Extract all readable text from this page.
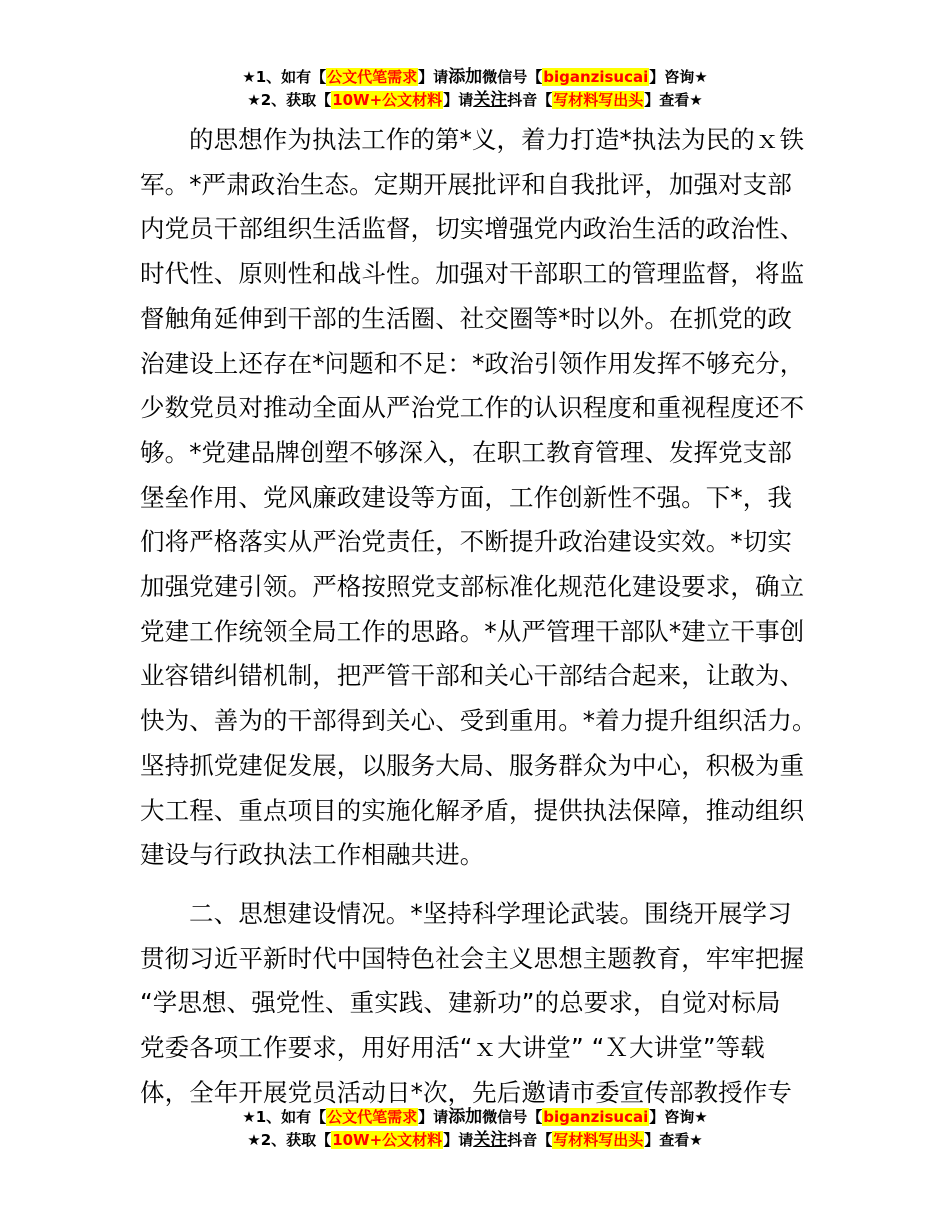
★1、如有【公文代笔需求】请添加微信号【biganzisucai】咨询★
★2、获取【10W+公文材料】请关注抖音【写材料写出头】查看★

的思想作为执法工作的第*义，着力打造*执法为民的ｘ铁

军。*严肃政治生态。定期开展批评和自我批评，加强对支部

内党员干部组织生活监督，切实增强党内政治生活的政治性、

时代性、原则性和战斗性。加强对干部职工的管理监督，将监

督触角延伸到干部的生活圈、社交圈等*时以外。在抓党的政

治建设上还存在*问题和不足：*政治引领作用发挥不够充分，

少数党员对推动全面从严治党工作的认识程度和重视程度还不

够。*党建品牌创塑不够深入，在职工教育管理、发挥党支部

堡垒作用、党风廉政建设等方面，工作创新性不强。下*，我

们将严格落实从严治党责任，不断提升政治建设实效。*切实

加强党建引领。严格按照党支部标准化规范化建设要求，确立

党建工作统领全局工作的思路。*从严管理干部队*建立干事创

业容错纠错机制，把严管干部和关心干部结合起来，让敢为、

快为、善为的干部得到关心、受到重用。*着力提升组织活力。

坚持抓党建促发展，以服务大局、服务群众为中心，积极为重

大工程、重点项目的实施化解矛盾，提供执法保障，推动组织

建设与行政执法工作相融共进。

二、思想建设情况。*坚持科学理论武装。围绕开展学习

贯彻习近平新时代中国特色社会主义思想主题教育，牢牢把握

“学思想、强党性、重实践、建新功”的总要求，自觉对标局

党委各项工作要求，用好用活“ｘ大讲堂” “Ｘ大讲堂”等载

体，全年开展党员活动日*次，先后邀请市委宣传部教授作专

★1、如有【公文代笔需求】请添加微信号【biganzisucai】咨询★
★2、获取【10W+公文材料】请关注抖音【写材料写出头】查看★
